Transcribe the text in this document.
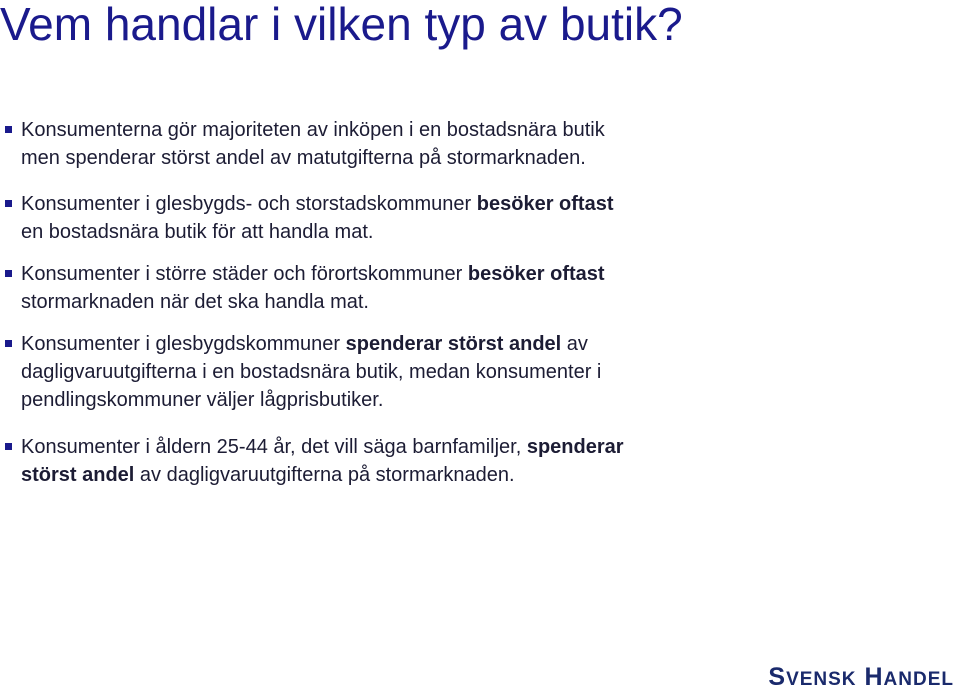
Vem handlar i vilken typ av butik?
Konsumenterna gör majoriteten av inköpen i en bostadsnära butik men spenderar störst andel av matutgifterna på stormarknaden.
Konsumenter i glesbygds- och storstadskommuner besöker oftast en bostadsnära butik för att handla mat.
Konsumenter i större städer och förortskommuner besöker oftast stormarknaden när det ska handla mat.
Konsumenter i glesbygdskommuner spenderar störst andel av dagligvaruutgifterna i en bostadsnära butik, medan konsumenter i pendlingskommuner väljer lågprisbutiker.
Konsumenter i åldern 25-44 år, det vill säga barnfamiljer, spenderar störst andel av dagligvaruutgifterna på stormarknaden.
SVENSK HANDEL
